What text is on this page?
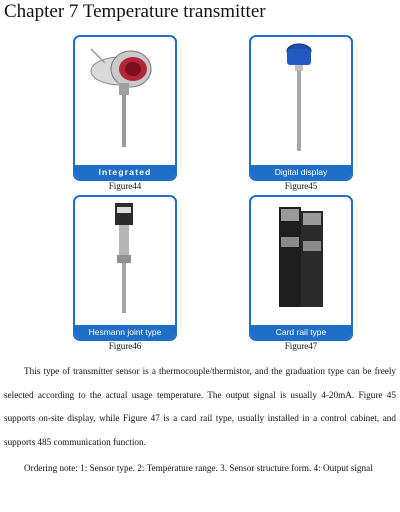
Chapter 7 Temperature transmitter
Integrated
Figure44
Digital display
Figure45
Hesmann joint type
Figure46
Card rail type
Figure47

This type of transmitter sensor is a thermocouple/thermistor, and the graduation type can be freely selected according to the actual usage temperature. The output signal is usually 4-20mA. Figure 45 supports on-site display, while Figure 47 is a card rail type, usually installed in a control cabinet, and supports 485 communication function.

Ordering note: 1: Sensor type. 2: Temperature range. 3. Sensor structure form. 4: Output signal
